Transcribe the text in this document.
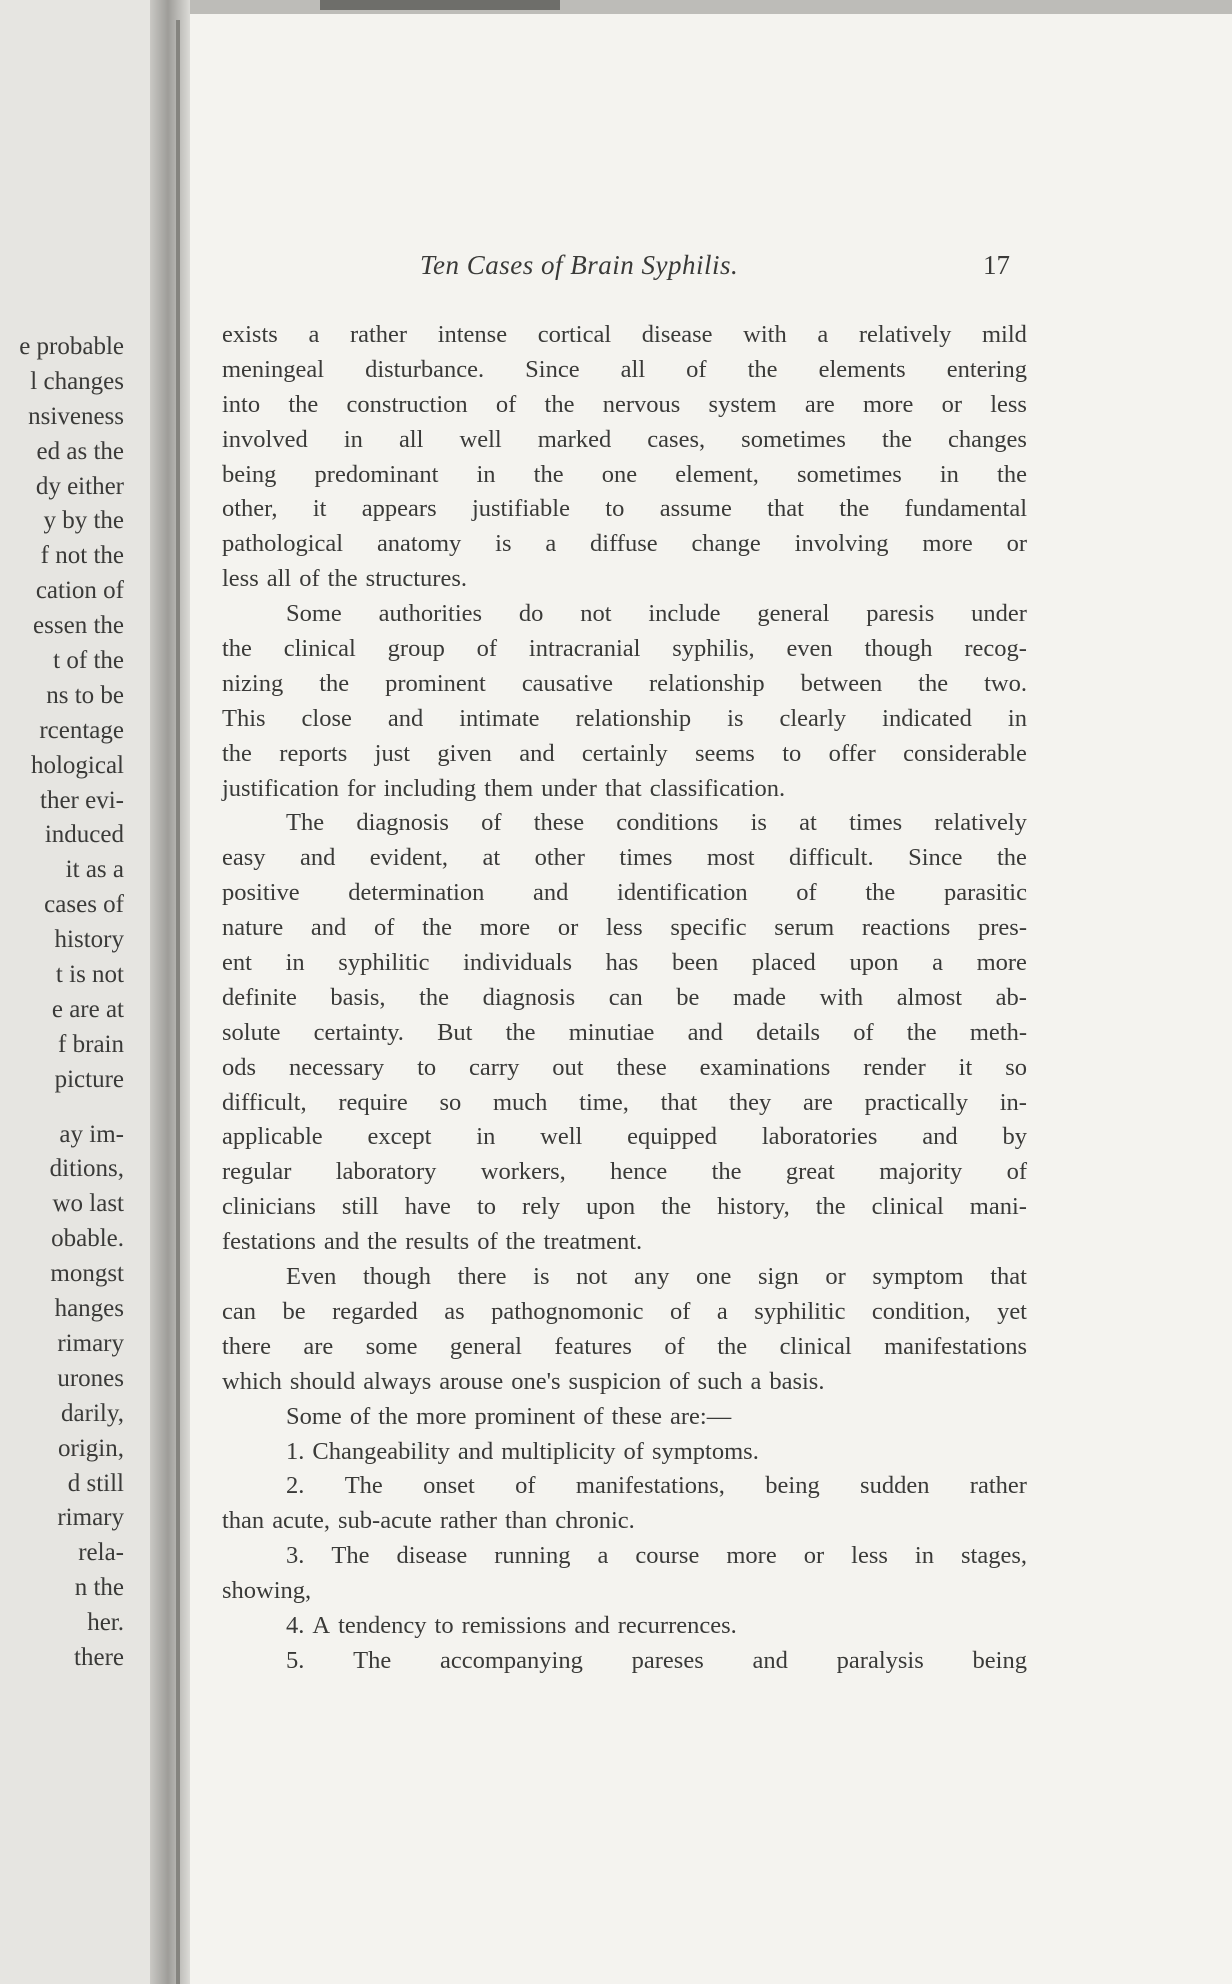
e probable
l changes
nsiveness
ed as the
dy either
y by the
f not the
cation of
essen the
t of the
ns to be
rcentage
hological
ther evi-
induced
it as a
cases of
history
t is not
e are at
f brain
picture
ay im-
ditions,
wo last
obable.
mongst
hanges
rimary
urones
darily,
origin,
d still
rimary
rela-
n the
her.
there
Ten Cases of Brain Syphilis.	17
exists a rather intense cortical disease with a relatively mild
meningeal disturbance. Since all of the elements entering
into the construction of the nervous system are more or less
involved in all well marked cases, sometimes the changes
being predominant in the one element, sometimes in the
other, it appears justifiable to assume that the fundamental
pathological anatomy is a diffuse change involving more or
less all of the structures.
Some authorities do not include general paresis under
the clinical group of intracranial syphilis, even though recog-
nizing the prominent causative relationship between the two.
This close and intimate relationship is clearly indicated in
the reports just given and certainly seems to offer considerable
justification for including them under that classification.
The diagnosis of these conditions is at times relatively
easy and evident, at other times most difficult. Since the
positive determination and identification of the parasitic
nature and of the more or less specific serum reactions pres-
ent in syphilitic individuals has been placed upon a more
definite basis, the diagnosis can be made with almost ab-
solute certainty. But the minutiae and details of the meth-
ods necessary to carry out these examinations render it so
difficult, require so much time, that they are practically in-
applicable except in well equipped laboratories and by
regular laboratory workers, hence the great majority of
clinicians still have to rely upon the history, the clinical mani-
festations and the results of the treatment.
Even though there is not any one sign or symptom that
can be regarded as pathognomonic of a syphilitic condition, yet
there are some general features of the clinical manifestations
which should always arouse one's suspicion of such a basis.
Some of the more prominent of these are:—
1. Changeability and multiplicity of symptoms.
2. The onset of manifestations, being sudden rather
than acute, sub-acute rather than chronic.
3. The disease running a course more or less in stages,
showing,
4. A tendency to remissions and recurrences.
5. The accompanying pareses and paralysis being
